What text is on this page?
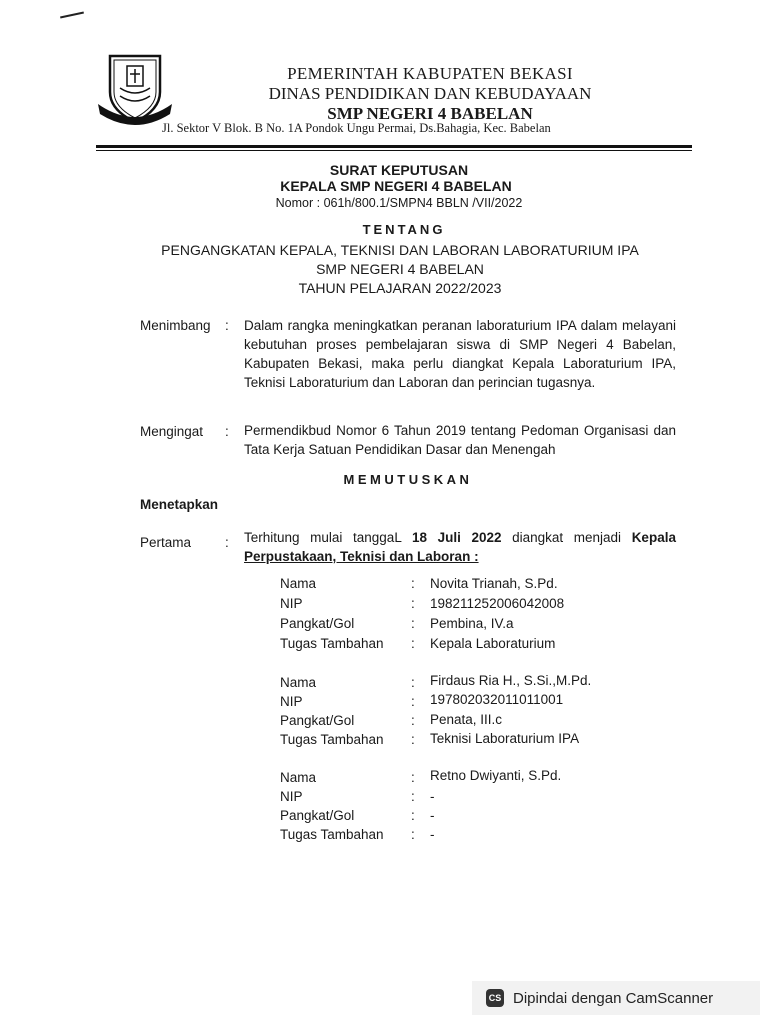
PEMERINTAH KABUPATEN BEKASI
DINAS PENDIDIKAN DAN KEBUDAYAAN
SMP NEGERI 4 BABELAN
Jl. Sektor V Blok. B No. 1A Pondok Ungu Permai, Ds.Bahagia, Kec. Babelan
SURAT KEPUTUSAN
KEPALA SMP NEGERI 4 BABELAN
Nomor : 061h/800.1/SMPN4 BBLN /VII/2022
TENTANG
PENGANGKATAN KEPALA, TEKNISI DAN LABORAN LABORATURIUM IPA
SMP NEGERI 4 BABELAN
TAHUN PELAJARAN 2022/2023
Menimbang : Dalam rangka meningkatkan peranan laboraturium IPA dalam melayani kebutuhan proses pembelajaran siswa di SMP Negeri 4 Babelan, Kabupaten Bekasi, maka perlu diangkat Kepala Laboraturium IPA, Teknisi Laboraturium dan Laboran dan perincian tugasnya.
Mengingat : Permendikbud Nomor 6 Tahun 2019 tentang Pedoman Organisasi dan Tata Kerja Satuan Pendidikan Dasar dan Menengah
MEMUTUSKAN
Menetapkan
Pertama	: Terhitung mulai tanggaL 18 Juli 2022 diangkat menjadi Kepala Perpustakaan, Teknisi dan Laboran :
Nama	: Novita Trianah, S.Pd.
NIP	: 198211252006042008
Pangkat/Gol	: Pembina, IV.a
Tugas Tambahan : Kepala Laboraturium
Nama	: Firdaus Ria H., S.Si.,M.Pd.
NIP	: 197802032011011001
Pangkat/Gol	: Penata, III.c
Tugas Tambahan : Teknisi Laboraturium IPA
Nama	: Retno Dwiyanti, S.Pd.
NIP	: -
Pangkat/Gol	: -
Tugas Tambahan : -
CS Dipindai dengan CamScanner
